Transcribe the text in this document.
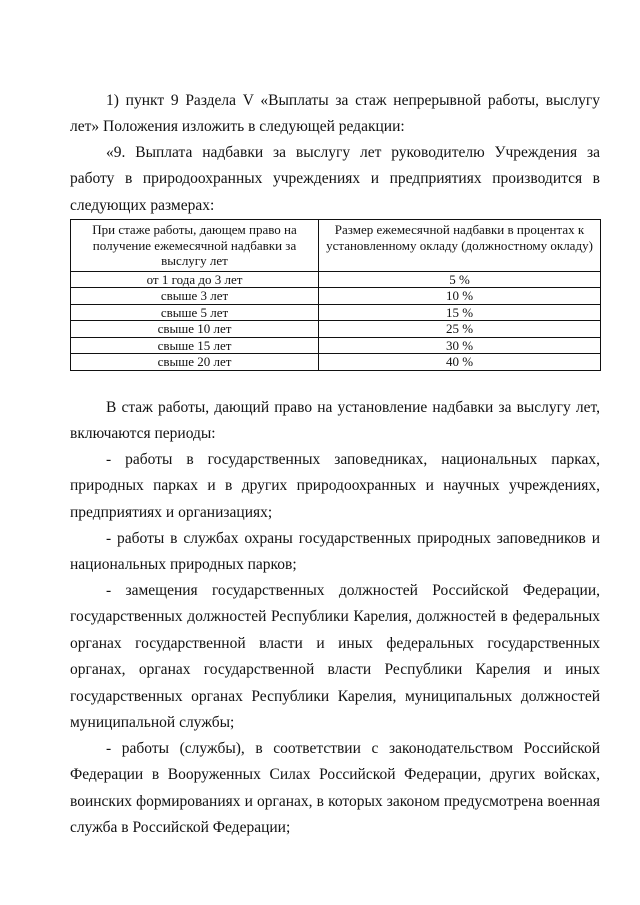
1) пункт 9 Раздела V «Выплаты за стаж непрерывной работы, выслугу лет» Положения изложить в следующей редакции:

«9. Выплата надбавки за выслугу лет руководителю Учреждения за работу в природоохранных учреждениях и предприятиях производится в следующих размерах:

При стаже работы, дающем право на получение ежемесячной надбавки за выслугу лет	Размер ежемесячной надбавки в процентах к установленному окладу (должностному окладу)
от 1 года до 3 лет	5 %
свыше 3 лет	10 %
свыше 5 лет	15 %
свыше 10 лет	25 %
свыше 15 лет	30 %
свыше 20 лет	40 %

В стаж работы, дающий право на установление надбавки за выслугу лет, включаются периоды:

- работы в государственных заповедниках, национальных парках, природных парках и в других природоохранных и научных учреждениях, предприятиях и организациях;

- работы в службах охраны государственных природных заповедников и национальных природных парков;

- замещения государственных должностей Российской Федерации, государственных должностей Республики Карелия, должностей в федеральных органах государственной власти и иных федеральных государственных органах, органах государственной власти Республики Карелия и иных государственных органах Республики Карелия, муниципальных должностей муниципальной службы;

- работы (службы), в соответствии с законодательством Российской Федерации в Вооруженных Силах Российской Федерации, других войсках, воинских формированиях и органах, в которых законом предусмотрена военная служба в Российской Федерации;
